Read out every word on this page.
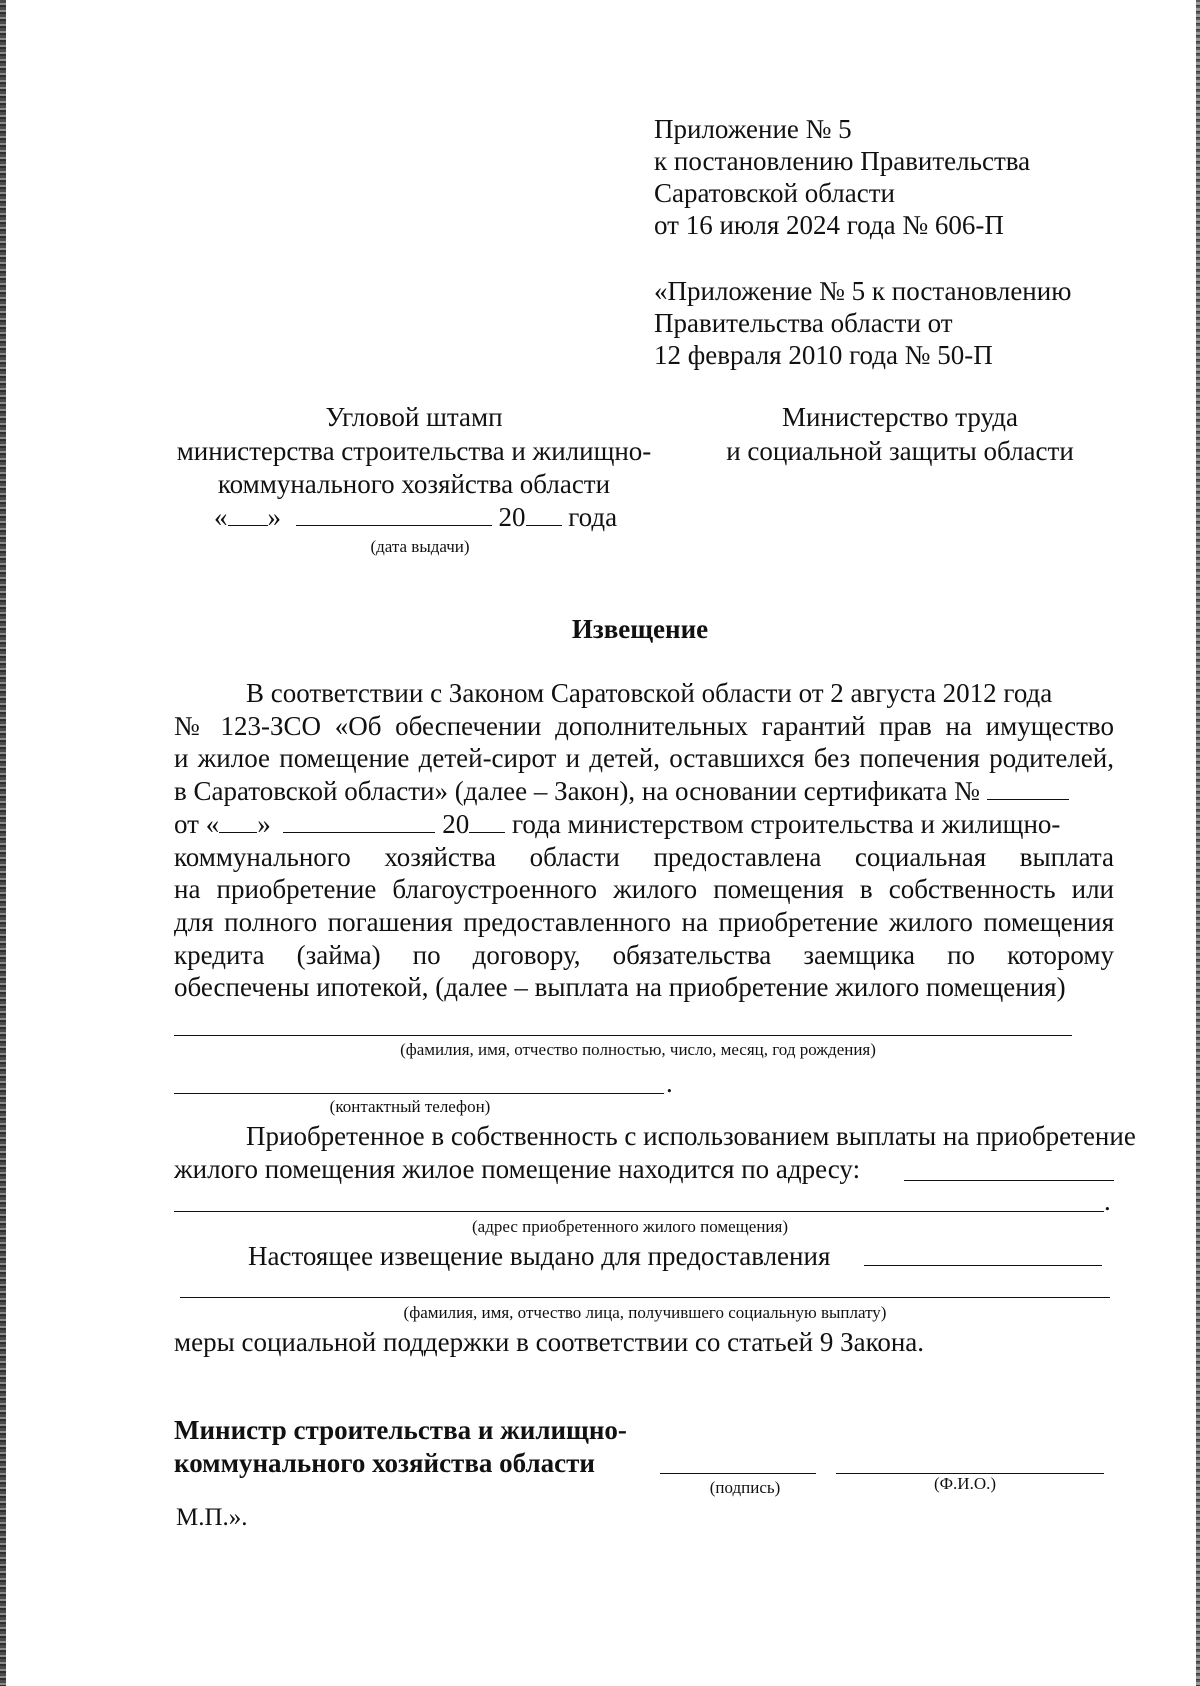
Приложение № 5
к постановлению Правительства
Саратовской области
от 16 июля 2024 года № 606-П
«Приложение № 5 к постановлению
Правительства области от
12 февраля 2010 года № 50-П
Угловой штамп
министерства строительства и жилищно-
коммунального хозяйства области
« »	20 года
(дата выдачи)
Министерство труда
и социальной защиты области
Извещение
В соответствии с Законом Саратовской области от 2 августа 2012 года
№ 123-ЗСО «Об обеспечении дополнительных гарантий прав на имущество
и жилое помещение детей-сирот и детей, оставшихся без попечения родителей,
в Саратовской области» (далее – Закон), на основании сертификата №
от « »	20 года министерством строительства и жилищно-
коммунального хозяйства области предоставлена социальная выплата
на приобретение благоустроенного жилого помещения в собственность или
для полного погашения предоставленного на приобретение жилого помещения
кредита (займа) по договору, обязательства заемщика по которому
обеспечены ипотекой, (далее – выплата на приобретение жилого помещения)
(фамилия, имя, отчество полностью, число, месяц, год рождения)
.
(контактный телефон)
Приобретенное в собственность с использованием выплаты на приобретение
жилого помещения жилое помещение находится по адресу:
.
(адрес приобретенного жилого помещения)
Настоящее извещение выдано для предоставления
(фамилия, имя, отчество лица, получившего социальную выплату)
меры социальной поддержки в соответствии со статьей 9 Закона.
Министр строительства и жилищно-
коммунального хозяйства области
(подпись)	(Ф.И.О.)
М.П.».
